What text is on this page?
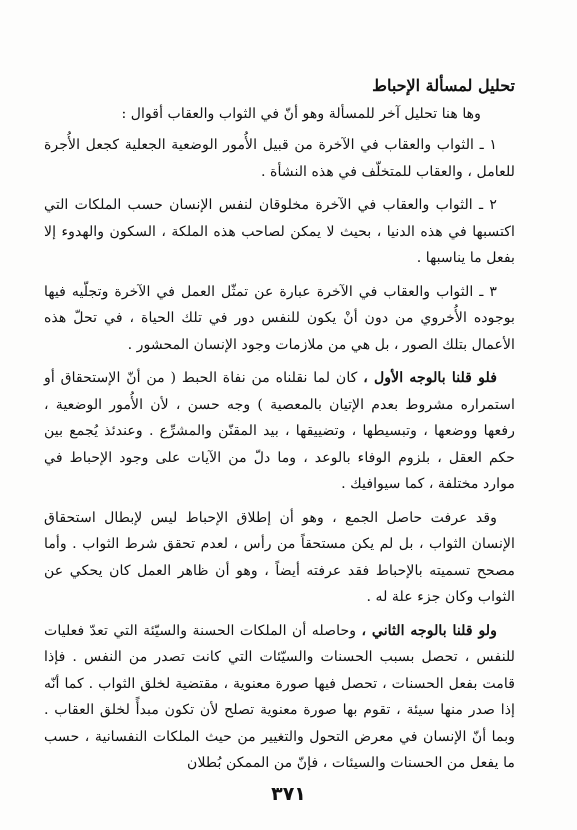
تحليل لمسألة الإحباط
وها هنا تحليل آخر للمسألة وهو أنّ في الثواب والعقاب أقوال :

١ ـ الثواب والعقاب في الآخرة من قبيل الأُمور الوضعية الجعلية كجعل الأُجرة للعامل ، والعقاب للمتخلّف في هذه النشأة .

٢ ـ الثواب والعقاب في الآخرة مخلوقان لنفس الإنسان حسب الملكات التي اكتسبها في هذه الدنيا ، بحيث لا يمكن لصاحب هذه الملكة ، السكون والهدوء إلا بفعل ما يناسبها .

٣ ـ الثواب والعقاب في الآخرة عبارة عن تمثّل العمل في الآخرة وتجلّيه فيها بوجوده الأُخروي من دون أنْ يكون للنفس دور في تلك الحياة ، في تحلّ هذه الأعمال بتلك الصور ، بل هي من ملازمات وجود الإنسان المحشور .

فلو قلنا بالوجه الأول ، كان لما نقلناه من نفاة الحبط ( من أنّ الإستحقاق أو استمراره مشروط بعدم الإتيان بالمعصية ) وجه حسن ، لأن الأُمور الوضعية ، رفعها ووضعها ، وتبسيطها ، وتضييقها ، بيد المقنّن والمشرِّع . وعندئذ يُجمع بين حكم العقل ، بلزوم الوفاء بالوعد ، وما دلّ من الآيات على وجود الإحباط في موارد مختلفة ، كما سيوافيك .

وقد عرفت حاصل الجمع ، وهو أن إطلاق الإحباط ليس لإبطال استحقاق الإنسان الثواب ، بل لم يكن مستحقاً من رأس ، لعدم تحقق شرط الثواب . وأما مصحح تسميته بالإحباط فقد عرفته أيضاً ، وهو أن ظاهر العمل كان يحكي عن الثواب وكان جزء علة له .

ولو قلنا بالوجه الثاني ، وحاصله أن الملكات الحسنة والسيّئة التي تعدّ فعليات للنفس ، تحصل بسبب الحسنات والسيّئات التي كانت تصدر من النفس . فإذا قامت بفعل الحسنات ، تحصل فيها صورة معنوية ، مقتضية لخلق الثواب . كما أنّه إذا صدر منها سيئة ، تقوم بها صورة معنوية تصلح لأن تكون مبدأً لخلق العقاب . وبما أنّ الإنسان في معرض التحول والتغيير من حيث الملكات النفسانية ، حسب ما يفعل من الحسنات والسيئات ، فإنّ من الممكن بُطلان

٣٧١
